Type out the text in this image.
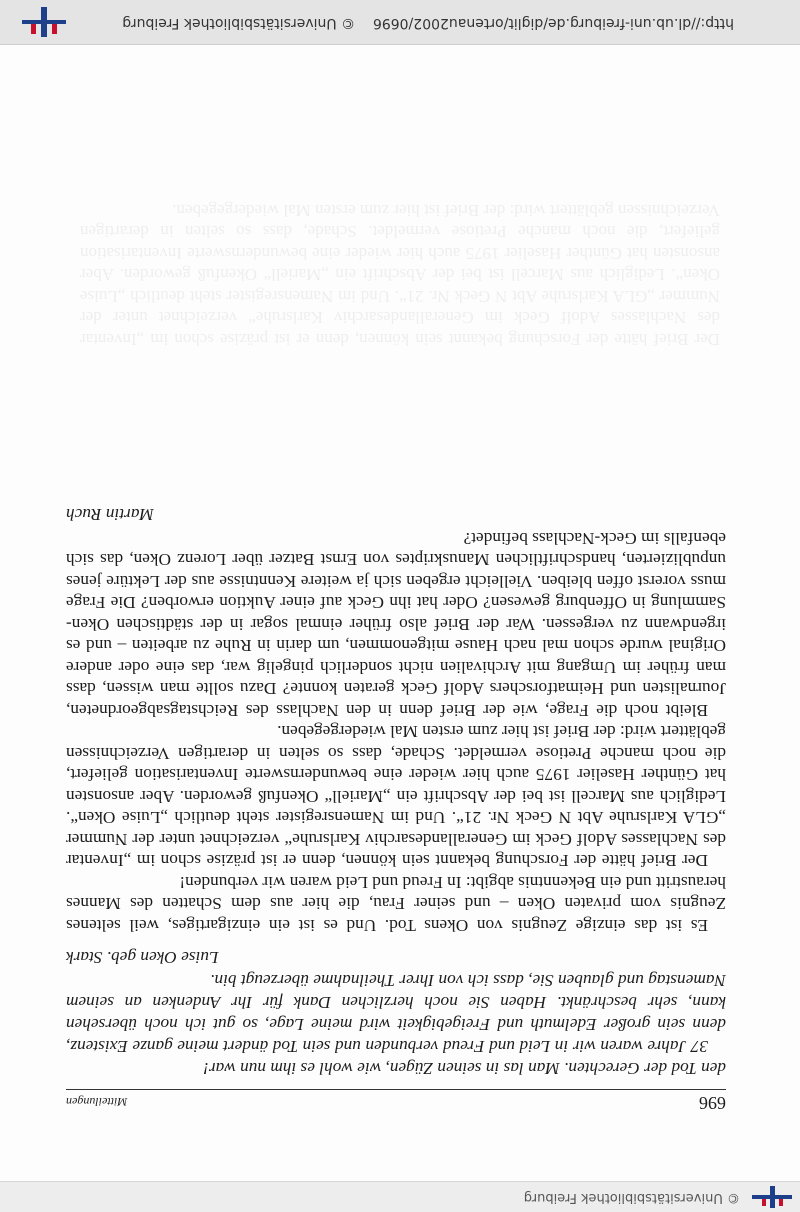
© Universitätsbibliothek Freiburg
696
Mitteilungen

den Tod der Gerechten. Man las in seinen Zügen, wie wohl es ihm nun war!

37 Jahre waren wir in Leid und Freud verbunden und sein Tod ändert meine ganze Existenz, denn sein großer Edelmuth und Freigebigkeit wird meine Lage, so gut ich noch übersehen kann, sehr beschränkt. Haben Sie noch herzlichen Dank für Ihr Andenken an seinem Namenstag und glauben Sie, dass ich von Ihrer Theilnahme überzeugt bin.

Luise Oken geb. Stark

Es ist das einzige Zeugnis von Okens Tod. Und es ist ein einzigartiges, weil seltenes Zeugnis vom privaten Oken – und seiner Frau, die hier aus dem Schatten des Mannes heraustritt und ein Bekenntnis abgibt: In Freud und Leid waren wir verbunden!

Der Brief hätte der Forschung bekannt sein können, denn er ist präzise schon im „Inventar des Nachlasses Adolf Geck im Generallandesarchiv Karlsruhe“ verzeichnet unter der Nummer „GLA Karlsruhe Abt N Geck Nr. 21“. Und im Namensregister steht deutlich „Luise Oken“. Lediglich aus Marcell ist bei der Abschrift ein „Mariell“ Okenfuß geworden. Aber ansonsten hat Günther Haselier 1975 auch hier wieder eine bewundernswerte Inventarisation geliefert, die noch manche Pretiose vermeldet. Schade, dass so selten in derartigen Verzeichnissen geblättert wird: der Brief ist hier zum ersten Mal wiedergegeben.

Bleibt noch die Frage, wie der Brief denn in den Nachlass des Reichstagsabgeordneten, Journalisten und Heimatforschers Adolf Geck geraten konnte? Dazu sollte man wissen, dass man früher im Umgang mit Archivalien nicht sonderlich pingelig war, das eine oder andere Original wurde schon mal nach Hause mitgenommen, um darin in Ruhe zu arbeiten – und es irgendwann zu vergessen. War der Brief also früher einmal sogar in der städtischen Oken-Sammlung in Offenburg gewesen? Oder hat ihn Geck auf einer Auktion erworben? Die Frage muss vorerst offen bleiben. Vielleicht ergeben sich ja weitere Kenntnisse aus der Lektüre jenes unpublizierten, handschriftlichen Manuskriptes von Ernst Batzer über Lorenz Oken, das sich ebenfalls im Geck-Nachlass befindet?

Martin Ruch
Der Brief hätte der Forschung bekannt sein können, denn er ist präzise schon im „Inventar des Nachlasses Adolf Geck im Generallandesarchiv Karlsruhe“ verzeichnet unter der Nummer „GLA Karlsruhe Abt N Geck Nr. 21“. Und im Namensregister steht deutlich „Luise Oken“. Lediglich aus Marcell ist bei der Abschrift ein „Mariell“ Okenfuß geworden. Aber ansonsten hat Günther Haselier 1975 auch hier wieder eine bewundernswerte Inventarisation geliefert, die noch manche Pretiose vermeldet. Schade, dass so selten in derartigen Verzeichnissen geblättert wird: der Brief ist hier zum ersten Mal wiedergegeben.
http://dl.ub.uni-freiburg.de/diglit/ortenau2002/0696    © Universitätsbibliothek Freiburg
